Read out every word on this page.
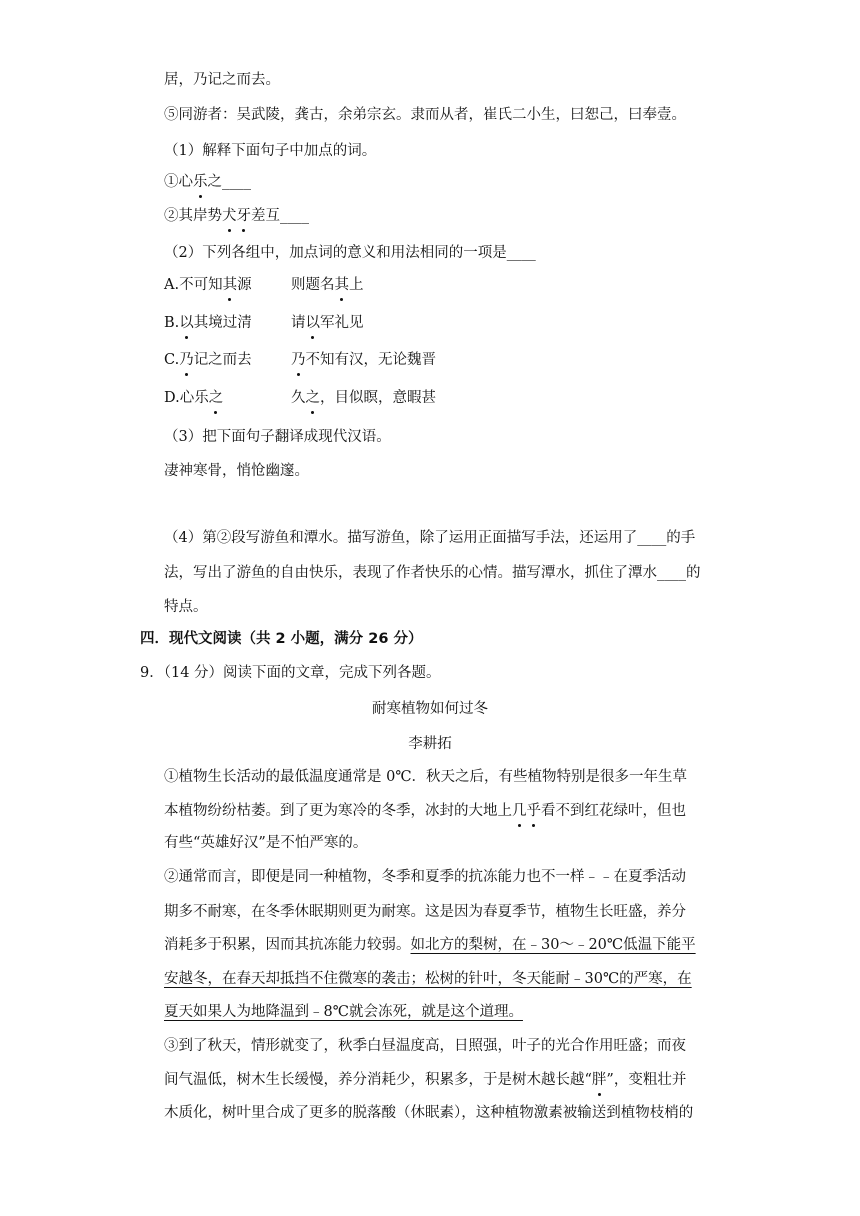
居，乃记之而去。
⑤同游者：吴武陵，龚古，余弟宗玄。隶而从者，崔氏二小生，曰恕己，曰奉壹。
（1）解释下面句子中加点的词。
①心乐之____
②其岸势犬牙差互____
（2）下列各组中，加点词的意义和用法相同的一项是____
A.不可知其源	则题名其上
B.以其境过清	请以军礼见
C.乃记之而去	乃不知有汉，无论魏晋
D.心乐之	久之，目似瞑，意暇甚
（3）把下面句子翻译成现代汉语。
凄神寒骨，悄怆幽邃。
（4）第②段写游鱼和潭水。描写游鱼，除了运用正面描写手法，还运用了____的手
法，写出了游鱼的自由快乐，表现了作者快乐的心情。描写潭水，抓住了潭水____的
特点。
四．现代文阅读（共 2 小题，满分 26 分）
9．（14 分）阅读下面的文章，完成下列各题。
耐寒植物如何过冬
李耕拓
①植物生长活动的最低温度通常是 0℃．秋天之后，有些植物特别是很多一年生草
本植物纷纷枯萎。到了更为寒冷的冬季，冰封的大地上几乎看不到红花绿叶，但也
有些“英雄好汉”是不怕严寒的。
②通常而言，即便是同一种植物，冬季和夏季的抗冻能力也不一样﹣﹣在夏季活动
期多不耐寒，在冬季休眠期则更为耐寒。这是因为春夏季节，植物生长旺盛，养分
消耗多于积累，因而其抗冻能力较弱。如北方的梨树，在﹣30～﹣20℃低温下能平
安越冬，在春天却抵挡不住微寒的袭击；松树的针叶，冬天能耐﹣30℃的严寒，在
夏天如果人为地降温到﹣8℃就会冻死，就是这个道理。
③到了秋天，情形就变了，秋季白昼温度高，日照强，叶子的光合作用旺盛；而夜
间气温低，树木生长缓慢，养分消耗少，积累多，于是树木越长越“胖”，变粗壮并
木质化，树叶里合成了更多的脱落酸（休眠素），这种植物激素被输送到植物枝梢的
